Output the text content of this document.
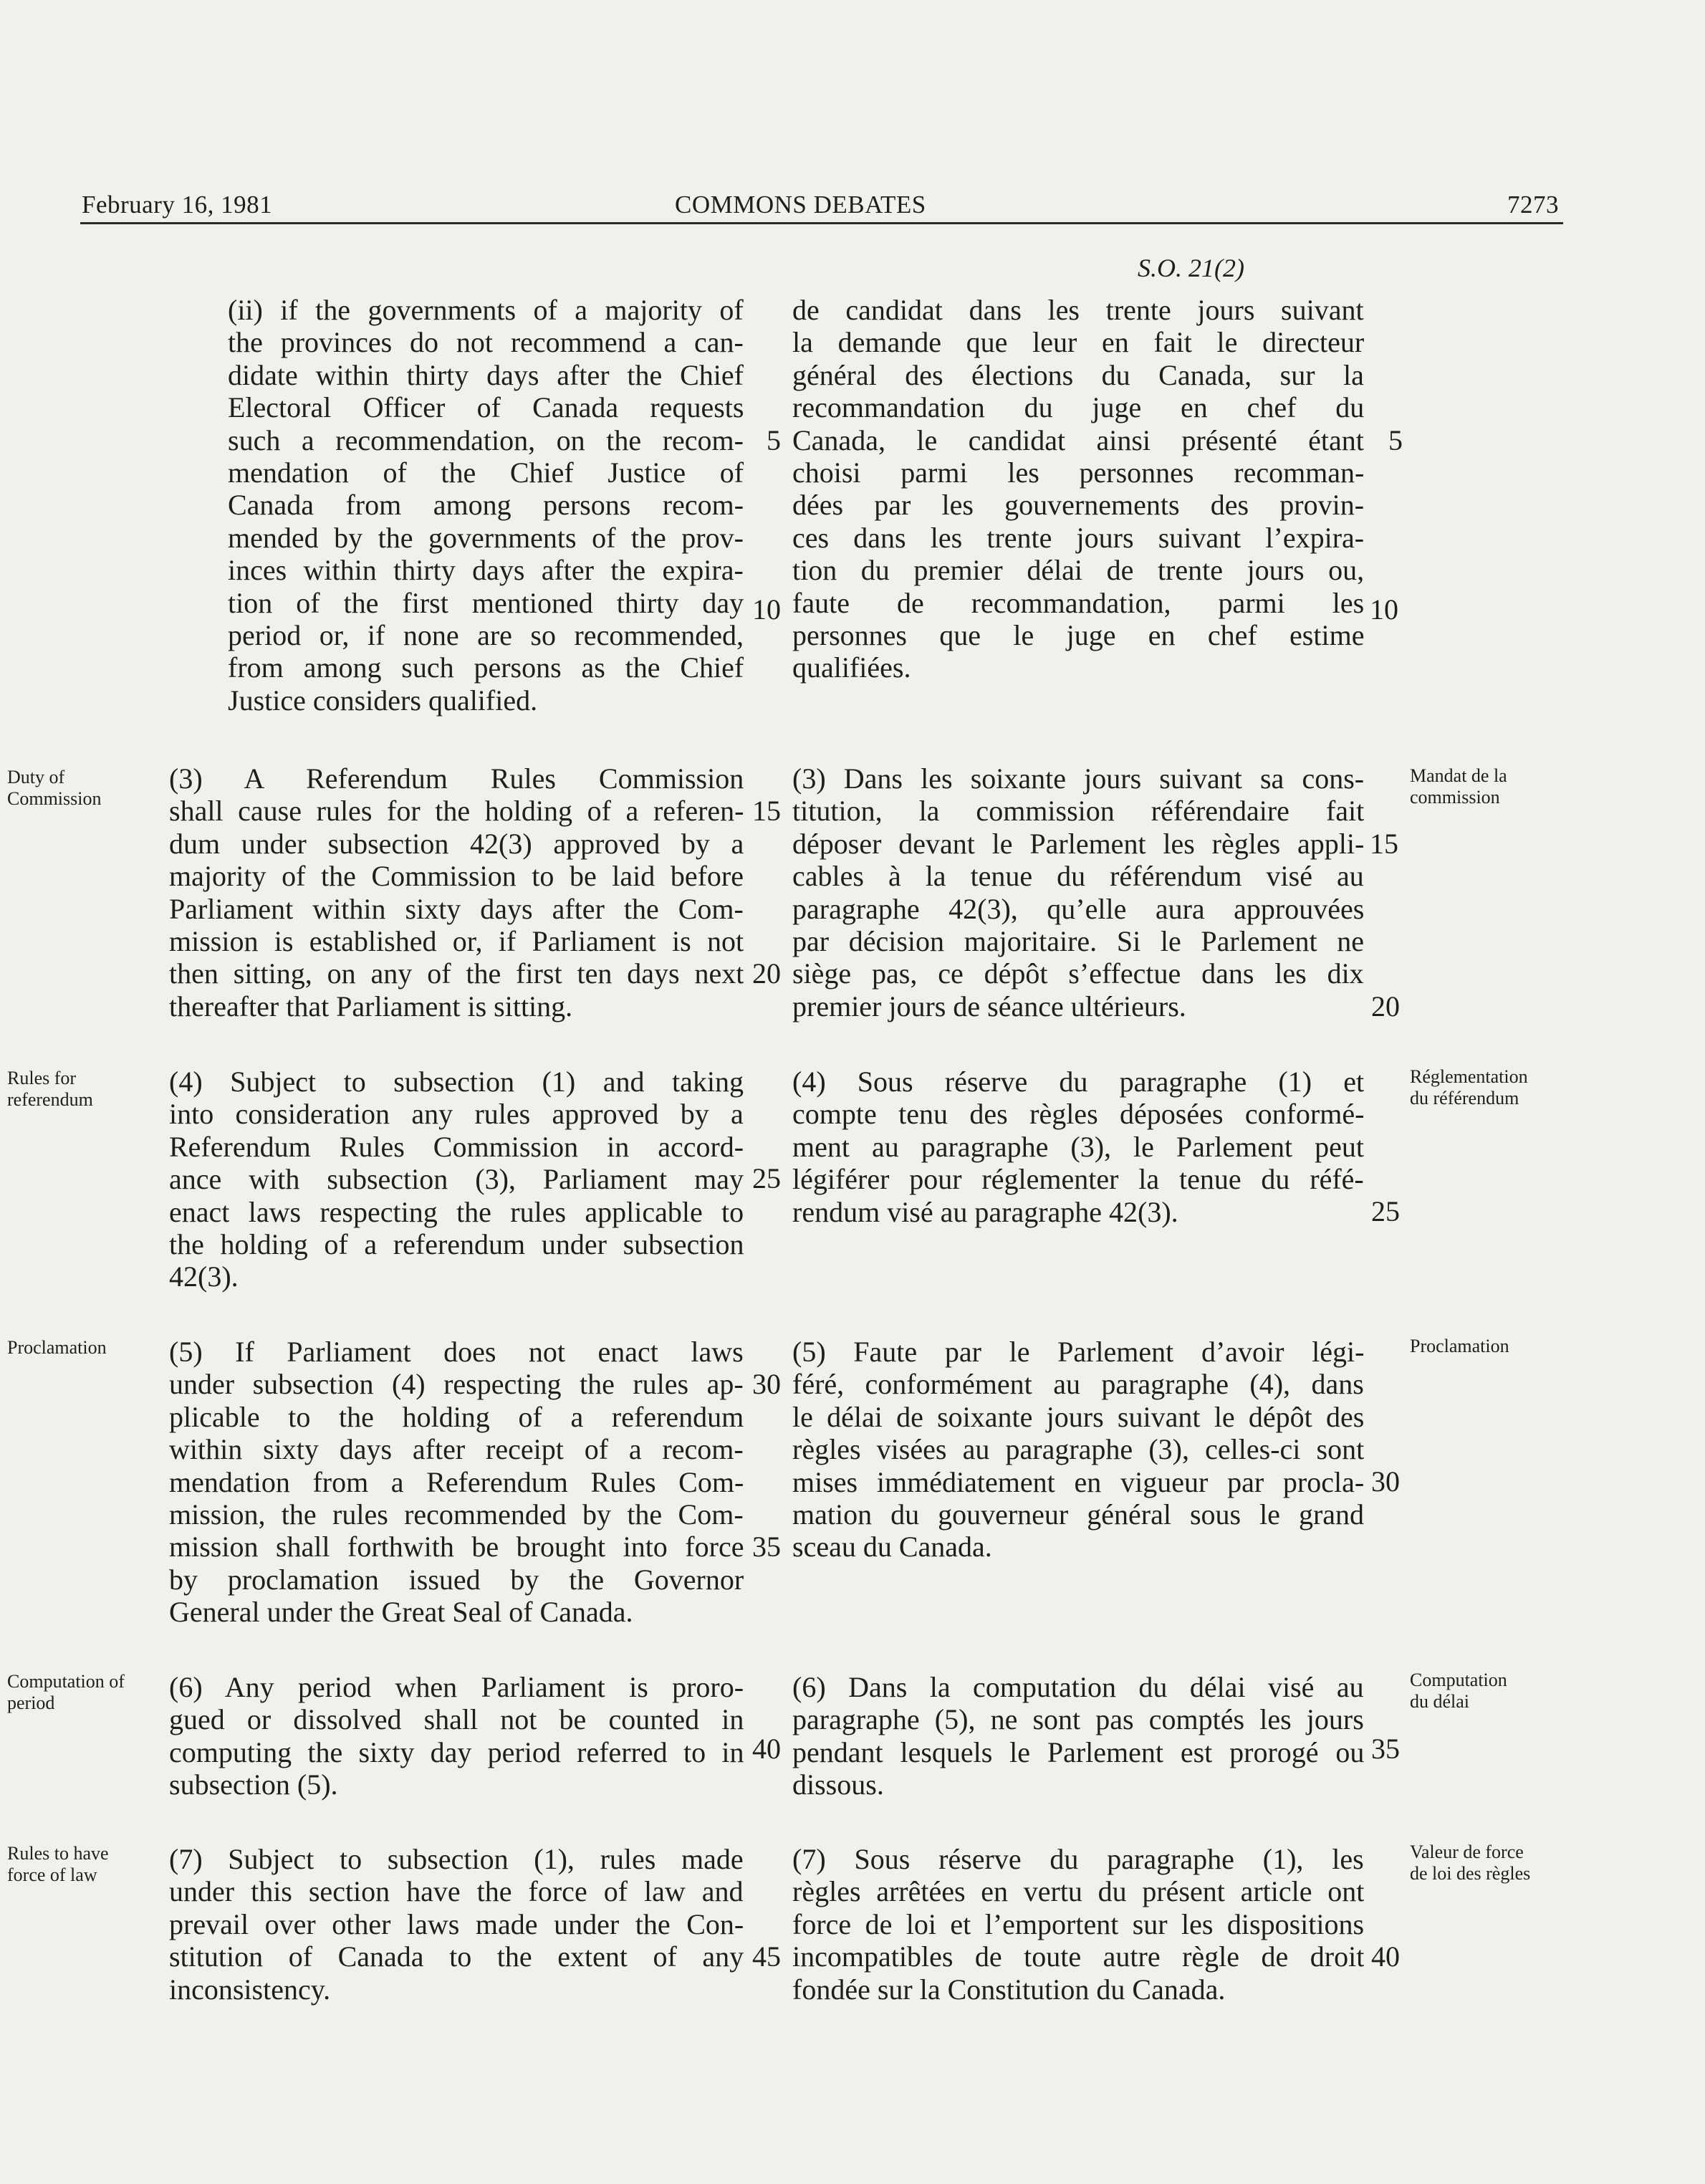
February 16, 1981	COMMONS DEBATES	7273
S.O. 21(2)
(ii) if the governments of a majority of
the provinces do not recommend a can-
didate within thirty days after the Chief
Electoral Officer of Canada requests
such a recommendation, on the recom-
mendation of the Chief Justice of
Canada from among persons recom-
mended by the governments of the prov-
inces within thirty days after the expira-
tion of the first mentioned thirty day
period or, if none are so recommended,
from among such persons as the Chief
Justice considers qualified.
(3) A Referendum Rules Commission
shall cause rules for the holding of a referen-
dum under subsection 42(3) approved by a
majority of the Commission to be laid before
Parliament within sixty days after the Com-
mission is established or, if Parliament is not
then sitting, on any of the first ten days next
thereafter that Parliament is sitting.
(4) Subject to subsection (1) and taking
into consideration any rules approved by a
Referendum Rules Commission in accord-
ance with subsection (3), Parliament may
enact laws respecting the rules applicable to
the holding of a referendum under subsection
42(3).
(5) If Parliament does not enact laws
under subsection (4) respecting the rules ap-
plicable to the holding of a referendum
within sixty days after receipt of a recom-
mendation from a Referendum Rules Com-
mission, the rules recommended by the Com-
mission shall forthwith be brought into force
by proclamation issued by the Governor
General under the Great Seal of Canada.
(6) Any period when Parliament is proro-
gued or dissolved shall not be counted in
computing the sixty day period referred to in
subsection (5).
(7) Subject to subsection (1), rules made
under this section have the force of law and
prevail over other laws made under the Con-
stitution of Canada to the extent of any
inconsistency.
de candidat dans les trente jours suivant
la demande que leur en fait le directeur
général des élections du Canada, sur la
recommandation du juge en chef du
Canada, le candidat ainsi présenté étant
choisi parmi les personnes recomman-
dées par les gouvernements des provin-
ces dans les trente jours suivant l’expira-
tion du premier délai de trente jours ou,
faute de recommandation, parmi les
personnes que le juge en chef estime
qualifiées.
(3) Dans les soixante jours suivant sa cons-
titution, la commission référendaire fait
déposer devant le Parlement les règles appli-
cables à la tenue du référendum visé au
paragraphe 42(3), qu’elle aura approuvées
par décision majoritaire. Si le Parlement ne
siège pas, ce dépôt s’effectue dans les dix
premier jours de séance ultérieurs.
(4) Sous réserve du paragraphe (1) et
compte tenu des règles déposées conformé-
ment au paragraphe (3), le Parlement peut
légiférer pour réglementer la tenue du réfé-
rendum visé au paragraphe 42(3).
(5) Faute par le Parlement d’avoir légi-
féré, conformément au paragraphe (4), dans
le délai de soixante jours suivant le dépôt des
règles visées au paragraphe (3), celles-ci sont
mises immédiatement en vigueur par procla-
mation du gouverneur général sous le grand
sceau du Canada.
(6) Dans la computation du délai visé au
paragraphe (5), ne sont pas comptés les jours
pendant lesquels le Parlement est prorogé ou
dissous.
(7) Sous réserve du paragraphe (1), les
règles arrêtées en vertu du présent article ont
force de loi et l’emportent sur les dispositions
incompatibles de toute autre règle de droit
fondée sur la Constitution du Canada.
5
10
15
20
25
30
35
40
45
5
10
15
20
25
30
35
40
Duty of
Commission
Rules for
referendum
Proclamation
Computation of
period
Rules to have
force of law
Mandat de la
commission
Réglementation
du référendum
Proclamation
Computation
du délai
Valeur de force
de loi des règles
